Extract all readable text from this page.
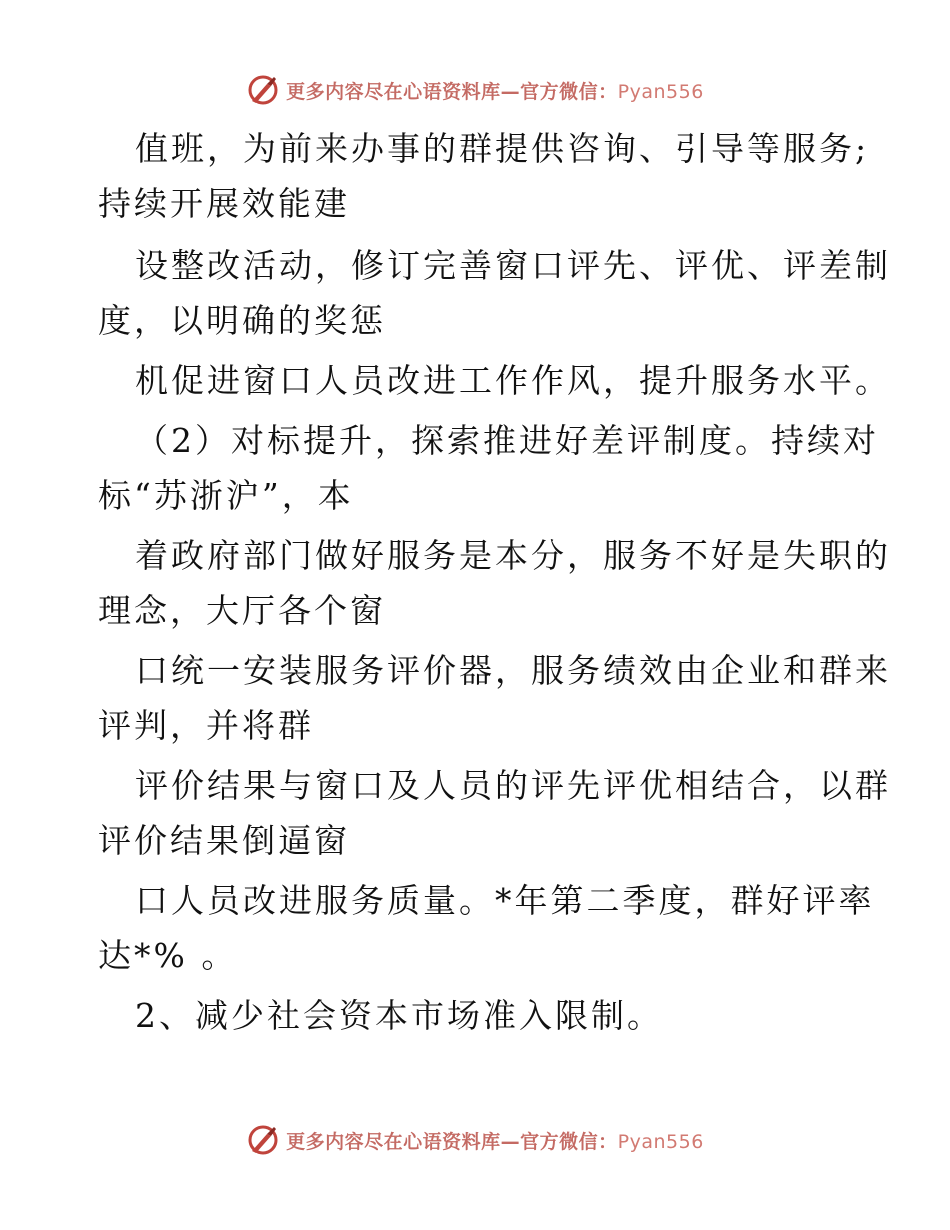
更多内容尽在心语资料库—官方微信：Pyan556
值班，为前来办事的群提供咨询、引导等服务;
持续开展效能建
设整改活动，修订完善窗口评先、评优、评差制
度，以明确的奖惩
机促进窗口人员改进工作作风，提升服务水平。
（2）对标提升，探索推进好差评制度。持续对
标“苏浙沪”，本
着政府部门做好服务是本分，服务不好是失职的
理念，大厅各个窗
口统一安装服务评价器，服务绩效由企业和群来
评判，并将群
评价结果与窗口及人员的评先评优相结合，以群
评价结果倒逼窗
口人员改进服务质量。*年第二季度，群好评率
达*% 。
2、减少社会资本市场准入限制。
更多内容尽在心语资料库—官方微信：Pyan556
